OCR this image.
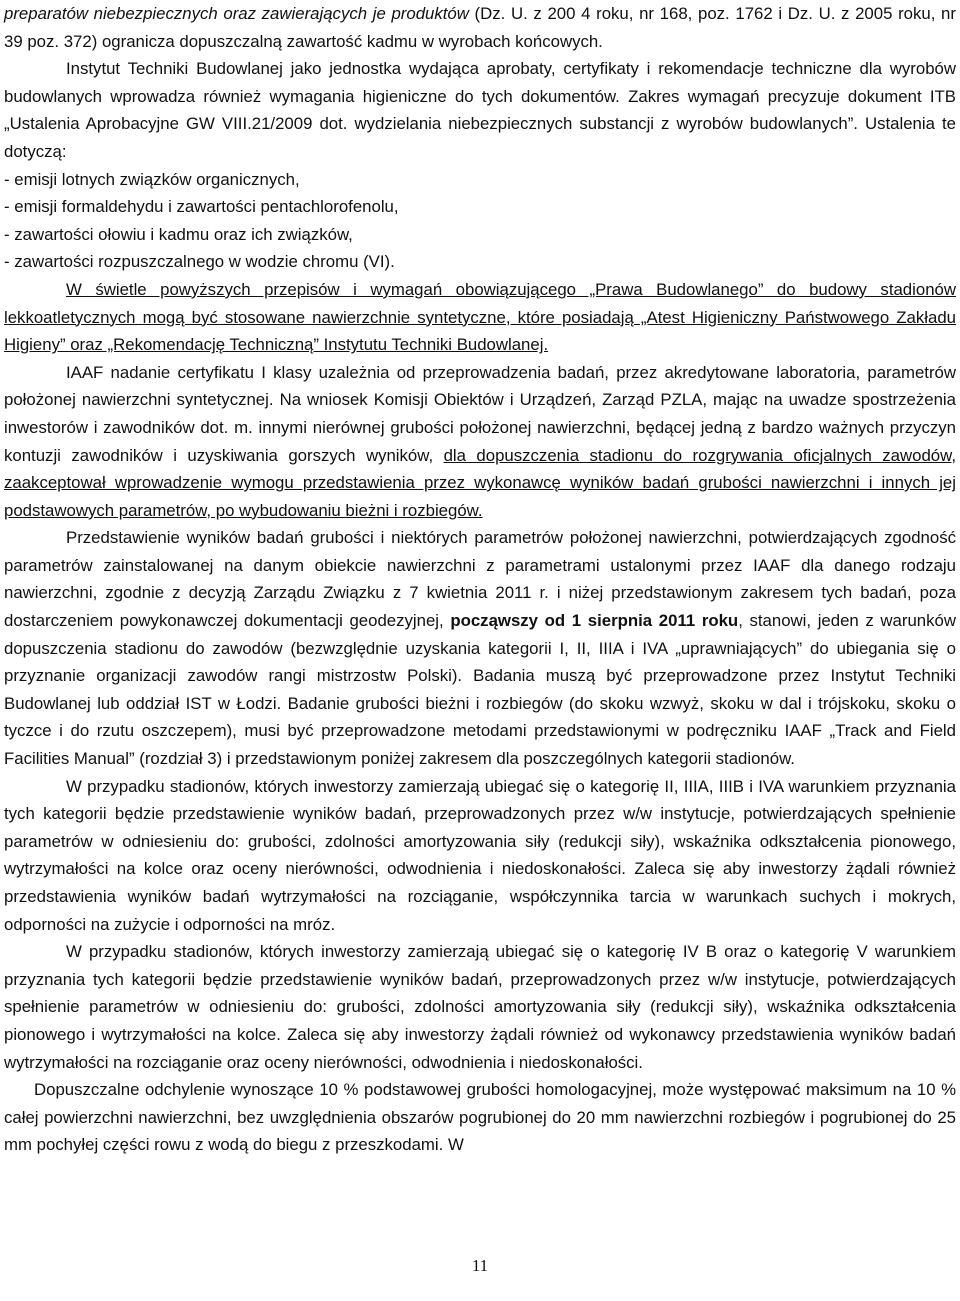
preparatów niebezpiecznych oraz zawierających je produktów (Dz. U. z 200 4 roku, nr 168, poz. 1762 i Dz. U. z 2005 roku, nr 39 poz. 372) ogranicza dopuszczalną zawartość kadmu w wyrobach końcowych.

Instytut Techniki Budowlanej jako jednostka wydająca aprobaty, certyfikaty i rekomendacje techniczne dla wyrobów budowlanych wprowadza również wymagania higieniczne do tych dokumentów. Zakres wymagań precyzuje dokument ITB „Ustalenia Aprobacyjne GW VIII.21/2009 dot. wydzielania niebezpiecznych substancji z wyrobów budowlanych”. Ustalenia te dotyczą:

- emisji lotnych związków organicznych,
- emisji formaldehydu i zawartości pentachlorofenolu,
- zawartości ołowiu i kadmu oraz ich związków,
- zawartości rozpuszczalnego w wodzie chromu (VI).

W świetle powyższych przepisów i wymagań obowiązującego „Prawa Budowlanego” do budowy stadionów lekkoatletycznych mogą być stosowane nawierzchnie syntetyczne, które posiadają „Atest Higieniczny Państwowego Zakładu Higieny” oraz „Rekomendację Techniczną” Instytutu Techniki Budowlanej.

IAAF nadanie certyfikatu I klasy uzależnia od przeprowadzenia badań, przez akredytowane laboratoria, parametrów położonej nawierzchni syntetycznej. Na wniosek Komisji Obiektów i Urządzeń, Zarząd PZLA, mając na uwadze spostrzeżenia inwestorów i zawodników dot. m. innymi nierównej grubości położonej nawierzchni, będącej jedną z bardzo ważnych przyczyn kontuzji zawodników i uzyskiwania gorszych wyników, dla dopuszczenia stadionu do rozgrywania oficjalnych zawodów, zaakceptował wprowadzenie wymogu przedstawienia przez wykonawcę wyników badań grubości nawierzchni i innych jej podstawowych parametrów, po wybudowaniu bieżni i rozbiegów.

Przedstawienie wyników badań grubości i niektórych parametrów położonej nawierzchni, potwierdzających zgodność parametrów zainstalowanej na danym obiekcie nawierzchni z parametrami ustalonymi przez IAAF dla danego rodzaju nawierzchni, zgodnie z decyzją Zarządu Związku z 7 kwietnia 2011 r. i niżej przedstawionym zakresem tych badań, poza dostarczeniem powykonawczej dokumentacji geodezyjnej, począwszy od 1 sierpnia 2011 roku, stanowi, jeden z warunków dopuszczenia stadionu do zawodów (bezwzględnie uzyskania kategorii I, II, IIIA i IVA „uprawniających” do ubiegania się o przyznanie organizacji zawodów rangi mistrzostw Polski). Badania muszą być przeprowadzone przez Instytut Techniki Budowlanej lub oddział IST w Łodzi. Badanie grubości bieżni i rozbiegów (do skoku wzwyż, skoku w dal i trójskoku, skoku o tyczce i do rzutu oszczepem), musi być przeprowadzone metodami przedstawionymi w podręczniku IAAF „Track and Field Facilities Manual” (rozdział 3) i przedstawionym poniżej zakresem dla poszczególnych kategorii stadionów.

W przypadku stadionów, których inwestorzy zamierzają ubiegać się o kategorię II, IIIA, IIIB i IVA warunkiem przyznania tych kategorii będzie przedstawienie wyników badań, przeprowadzonych przez w/w instytucje, potwierdzających spełnienie parametrów w odniesieniu do: grubości, zdolności amortyzowania siły (redukcji siły), wskaźnika odkształcenia pionowego, wytrzymałości na kolce oraz oceny nierówności, odwodnienia i niedoskonałości. Zaleca się aby inwestorzy żądali również przedstawienia wyników badań wytrzymałości na rozciąganie, współczynnika tarcia w warunkach suchych i mokrych, odporności na zużycie i odporności na mróz.

W przypadku stadionów, których inwestorzy zamierzają ubiegać się o kategorię IV B oraz o kategorię V warunkiem przyznania tych kategorii będzie przedstawienie wyników badań, przeprowadzonych przez w/w instytucje, potwierdzających spełnienie parametrów w odniesieniu do: grubości, zdolności amortyzowania siły (redukcji siły), wskaźnika odkształcenia pionowego i wytrzymałości na kolce. Zaleca się aby inwestorzy żądali również od wykonawcy przedstawienia wyników badań wytrzymałości na rozciąganie oraz oceny nierówności, odwodnienia i niedoskonałości.

Dopuszczalne odchylenie wynoszące 10 % podstawowej grubości homologacyjnej, może występować maksimum na 10 % całej powierzchni nawierzchni, bez uwzględnienia obszarów pogrubionej do 20 mm nawierzchni rozbiegów i pogrubionej do 25 mm pochyłej części rowu z wodą do biegu z przeszkodami. W

11
